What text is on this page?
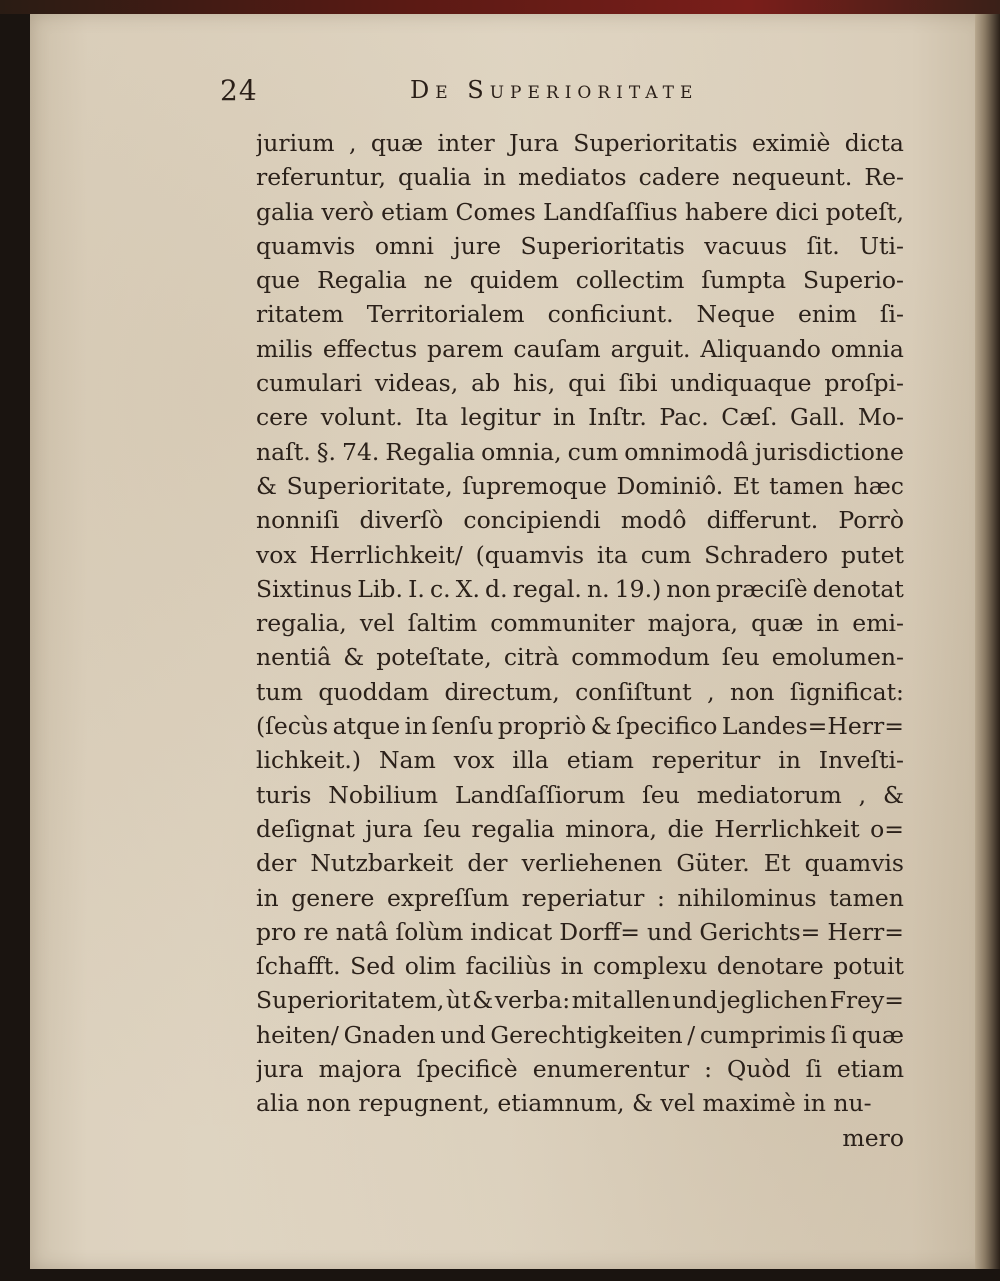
24	De Superioritate
jurium , quæ inter Jura Superioritatis eximiè dicta
referuntur, qualia in mediatos cadere nequeunt. Re-
galia verò etiam Comes Landſaſſius habere dici poteſt,
quamvis omni jure Superioritatis vacuus ſit. Uti-
que Regalia ne quidem collectim ſumpta Superio-
ritatem Territorialem conficiunt. Neque enim ſi-
milis effectus parem cauſam arguit. Aliquando omnia
cumulari videas, ab his, qui ſibi undiquaque proſpi-
cere volunt. Ita legitur in Inſtr. Pac. Cæſ. Gall. Mo-
naſt. §. 74. Regalia omnia, cum omnimodâ jurisdictione
& Superioritate, ſupremoque Dominiô. Et tamen hæc
nonniſi diverſò concipiendi modô differunt. Porrò
vox Herrlichkeit/ (quamvis ita cum Schradero putet
Sixtinus Lib. I. c. X. d. regal. n. 19.) non præciſè denotat
regalia, vel ſaltim communiter majora, quæ in emi-
nentiâ & poteſtate, citrà commodum ſeu emolumen-
tum quoddam directum, conſiſtunt , non ſignificat:
(ſecùs atque in ſenſu propriò & ſpecifico Landes=Herr=
lichkeit.) Nam vox illa etiam reperitur in Inveſti-
turis Nobilium Landſaſſiorum ſeu mediatorum , &
deſignat jura ſeu regalia minora, die Herrlichkeit o=
der Nutzbarkeit der verliehenen Güter. Et quamvis
in genere expreſſum reperiatur : nihilominus tamen
pro re natâ ſolùm indicat Dorff= und Gerichts= Herr=
ſchafft. Sed olim faciliùs in complexu denotare potuit
Superioritatem, ùt & verba: mit allen und jeglichen Frey=
heiten/ Gnaden und Gerechtigkeiten / cumprimis ſi quæ
jura majora ſpecificè enumerentur : Quòd ſi etiam
alia non repugnent, etiamnum, & vel maximè in nu-
mero
